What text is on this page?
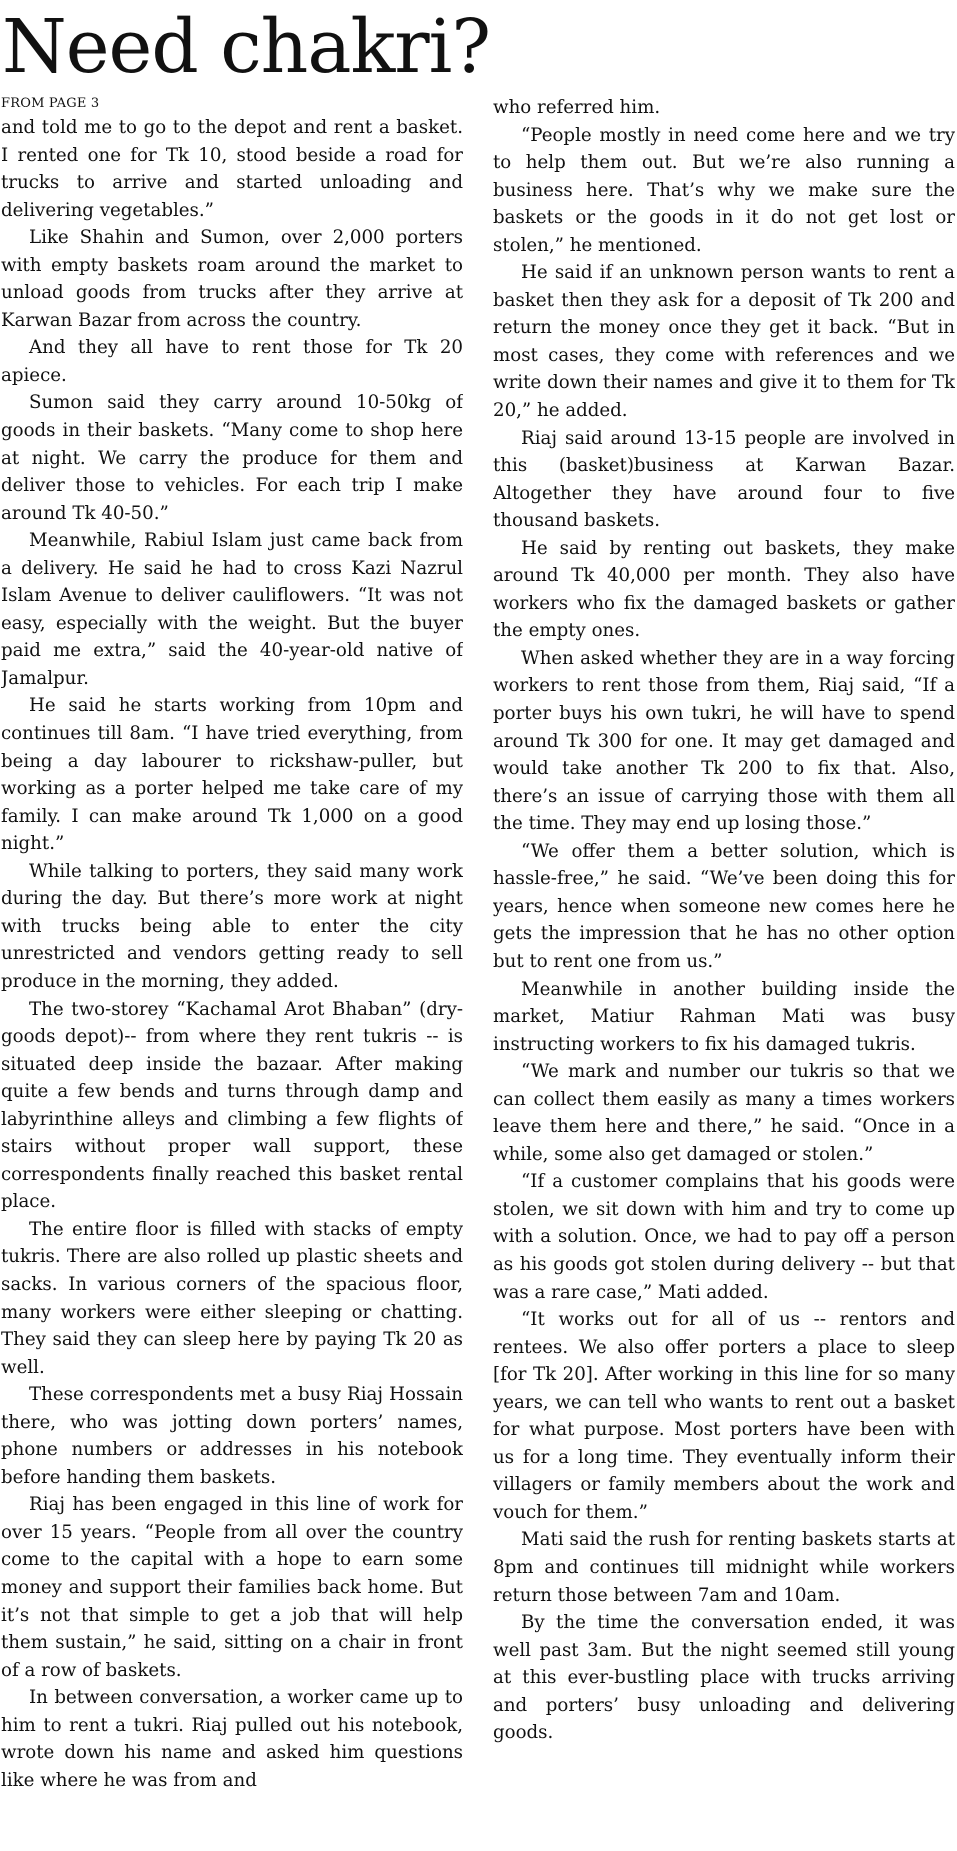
Need chakri?
FROM PAGE 3

and told me to go to the depot and rent a basket. I rented one for Tk 10, stood beside a road for trucks to arrive and started unloading and delivering vegetables.”

Like Shahin and Sumon, over 2,000 porters with empty baskets roam around the market to unload goods from trucks after they arrive at Karwan Bazar from across the country.

And they all have to rent those for Tk 20 apiece.

Sumon said they carry around 10-50kg of goods in their baskets. “Many come to shop here at night. We carry the produce for them and deliver those to vehicles. For each trip I make around Tk 40-50.”

Meanwhile, Rabiul Islam just came back from a delivery. He said he had to cross Kazi Nazrul Islam Avenue to deliver cauliflowers. “It was not easy, especially with the weight. But the buyer paid me extra,” said the 40-year-old native of Jamalpur.

He said he starts working from 10pm and continues till 8am. “I have tried everything, from being a day labourer to rickshaw-puller, but working as a porter helped me take care of my family. I can make around Tk 1,000 on a good night.”

While talking to porters, they said many work during the day. But there’s more work at night with trucks being able to enter the city unrestricted and vendors getting ready to sell produce in the morning, they added.

The two-storey “Kachamal Arot Bhaban” (dry-goods depot)-- from where they rent tukris -- is situated deep inside the bazaar. After making quite a few bends and turns through damp and labyrinthine alleys and climbing a few flights of stairs without proper wall support, these correspondents finally reached this basket rental place.

The entire floor is filled with stacks of empty tukris. There are also rolled up plastic sheets and sacks. In various corners of the spacious floor, many workers were either sleeping or chatting. They said they can sleep here by paying Tk 20 as well.

These correspondents met a busy Riaj Hossain there, who was jotting down porters’ names, phone numbers or addresses in his notebook before handing them baskets.

Riaj has been engaged in this line of work for over 15 years. “People from all over the country come to the capital with a hope to earn some money and support their families back home. But it’s not that simple to get a job that will help them sustain,” he said, sitting on a chair in front of a row of baskets.

In between conversation, a worker came up to him to rent a tukri. Riaj pulled out his notebook, wrote down his name and asked him questions like where he was from and

who referred him.

“People mostly in need come here and we try to help them out. But we’re also running a business here. That’s why we make sure the baskets or the goods in it do not get lost or stolen,” he mentioned.

He said if an unknown person wants to rent a basket then they ask for a deposit of Tk 200 and return the money once they get it back. “But in most cases, they come with references and we write down their names and give it to them for Tk 20,” he added.

Riaj said around 13-15 people are involved in this (basket)business at Karwan Bazar. Altogether they have around four to five thousand baskets.

He said by renting out baskets, they make around Tk 40,000 per month. They also have workers who fix the damaged baskets or gather the empty ones.

When asked whether they are in a way forcing workers to rent those from them, Riaj said, “If a porter buys his own tukri, he will have to spend around Tk 300 for one. It may get damaged and would take another Tk 200 to fix that. Also, there’s an issue of carrying those with them all the time. They may end up losing those.”

“We offer them a better solution, which is hassle-free,” he said. “We’ve been doing this for years, hence when someone new comes here he gets the impression that he has no other option but to rent one from us.”

Meanwhile in another building inside the market, Matiur Rahman Mati was busy instructing workers to fix his damaged tukris.

“We mark and number our tukris so that we can collect them easily as many a times workers leave them here and there,” he said. “Once in a while, some also get damaged or stolen.”

“If a customer complains that his goods were stolen, we sit down with him and try to come up with a solution. Once, we had to pay off a person as his goods got stolen during delivery -- but that was a rare case,” Mati added.

“It works out for all of us -- rentors and rentees. We also offer porters a place to sleep [for Tk 20]. After working in this line for so many years, we can tell who wants to rent out a basket for what purpose. Most porters have been with us for a long time. They eventually inform their villagers or family members about the work and vouch for them.”

Mati said the rush for renting baskets starts at 8pm and continues till midnight while workers return those between 7am and 10am.

By the time the conversation ended, it was well past 3am. But the night seemed still young at this ever-bustling place with trucks arriving and porters’ busy unloading and delivering goods.
